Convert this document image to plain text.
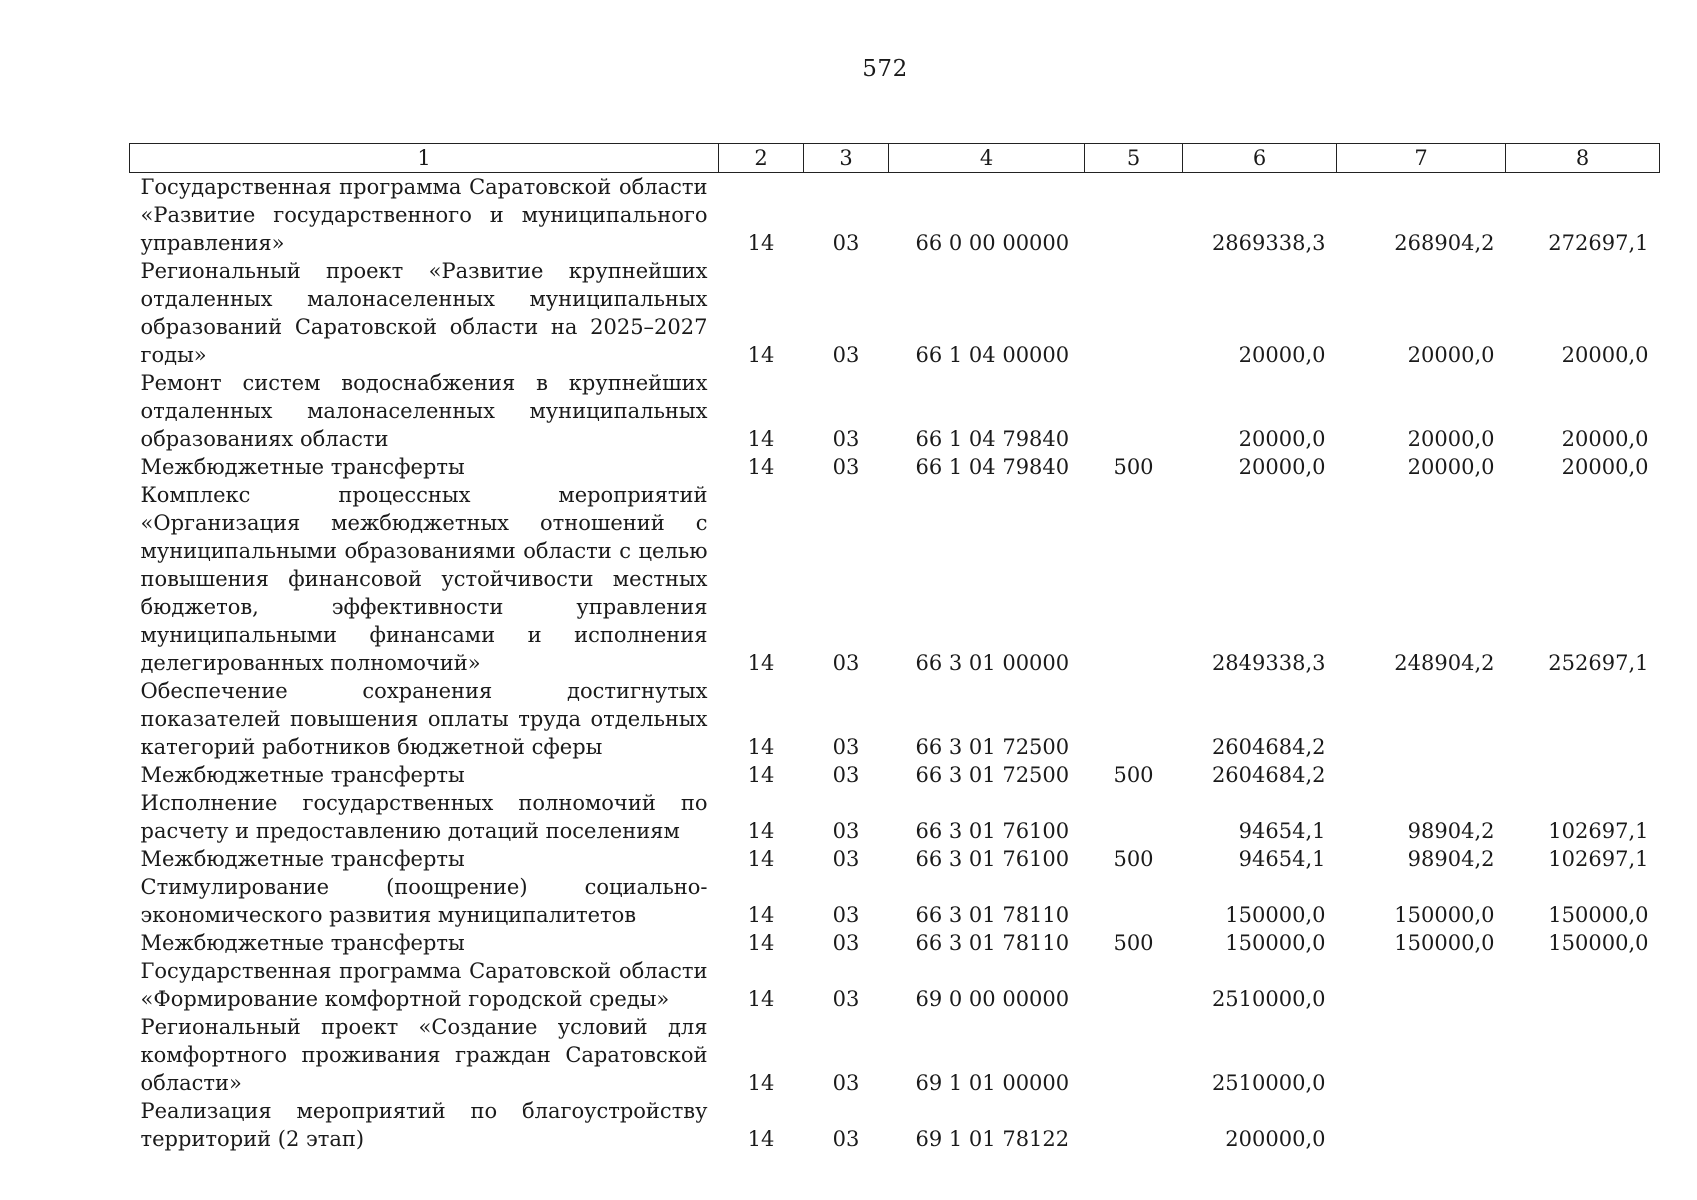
572
1	2	3	4	5	6	7	8
Государственная программа Саратовской области «Развитие государственного и муниципального управления»	14	03	66 0 00 00000		2869338,3	268904,2	272697,1
Региональный проект «Развитие крупнейших отдаленных малонаселенных муниципальных образований Саратовской области на 2025–2027 годы»	14	03	66 1 04 00000		20000,0	20000,0	20000,0
Ремонт систем водоснабжения в крупнейших отдаленных малонаселенных муниципальных образованиях области	14	03	66 1 04 79840		20000,0	20000,0	20000,0
Межбюджетные трансферты	14	03	66 1 04 79840	500	20000,0	20000,0	20000,0
Комплекс процессных мероприятий «Организация межбюджетных отношений с муниципальными образованиями области с целью повышения финансовой устойчивости местных бюджетов, эффективности управления муниципальными финансами и исполнения делегированных полномочий»	14	03	66 3 01 00000		2849338,3	248904,2	252697,1
Обеспечение сохранения достигнутых показателей повышения оплаты труда отдельных категорий работников бюджетной сферы	14	03	66 3 01 72500		2604684,2		
Межбюджетные трансферты	14	03	66 3 01 72500	500	2604684,2		
Исполнение государственных полномочий по расчету и предоставлению дотаций поселениям	14	03	66 3 01 76100		94654,1	98904,2	102697,1
Межбюджетные трансферты	14	03	66 3 01 76100	500	94654,1	98904,2	102697,1
Стимулирование (поощрение) социально-экономического развития муниципалитетов	14	03	66 3 01 78110		150000,0	150000,0	150000,0
Межбюджетные трансферты	14	03	66 3 01 78110	500	150000,0	150000,0	150000,0
Государственная программа Саратовской области «Формирование комфортной городской среды»	14	03	69 0 00 00000		2510000,0		
Региональный проект «Создание условий для комфортного проживания граждан Саратовской области»	14	03	69 1 01 00000		2510000,0		
Реализация мероприятий по благоустройству территорий (2 этап)	14	03	69 1 01 78122		200000,0		
